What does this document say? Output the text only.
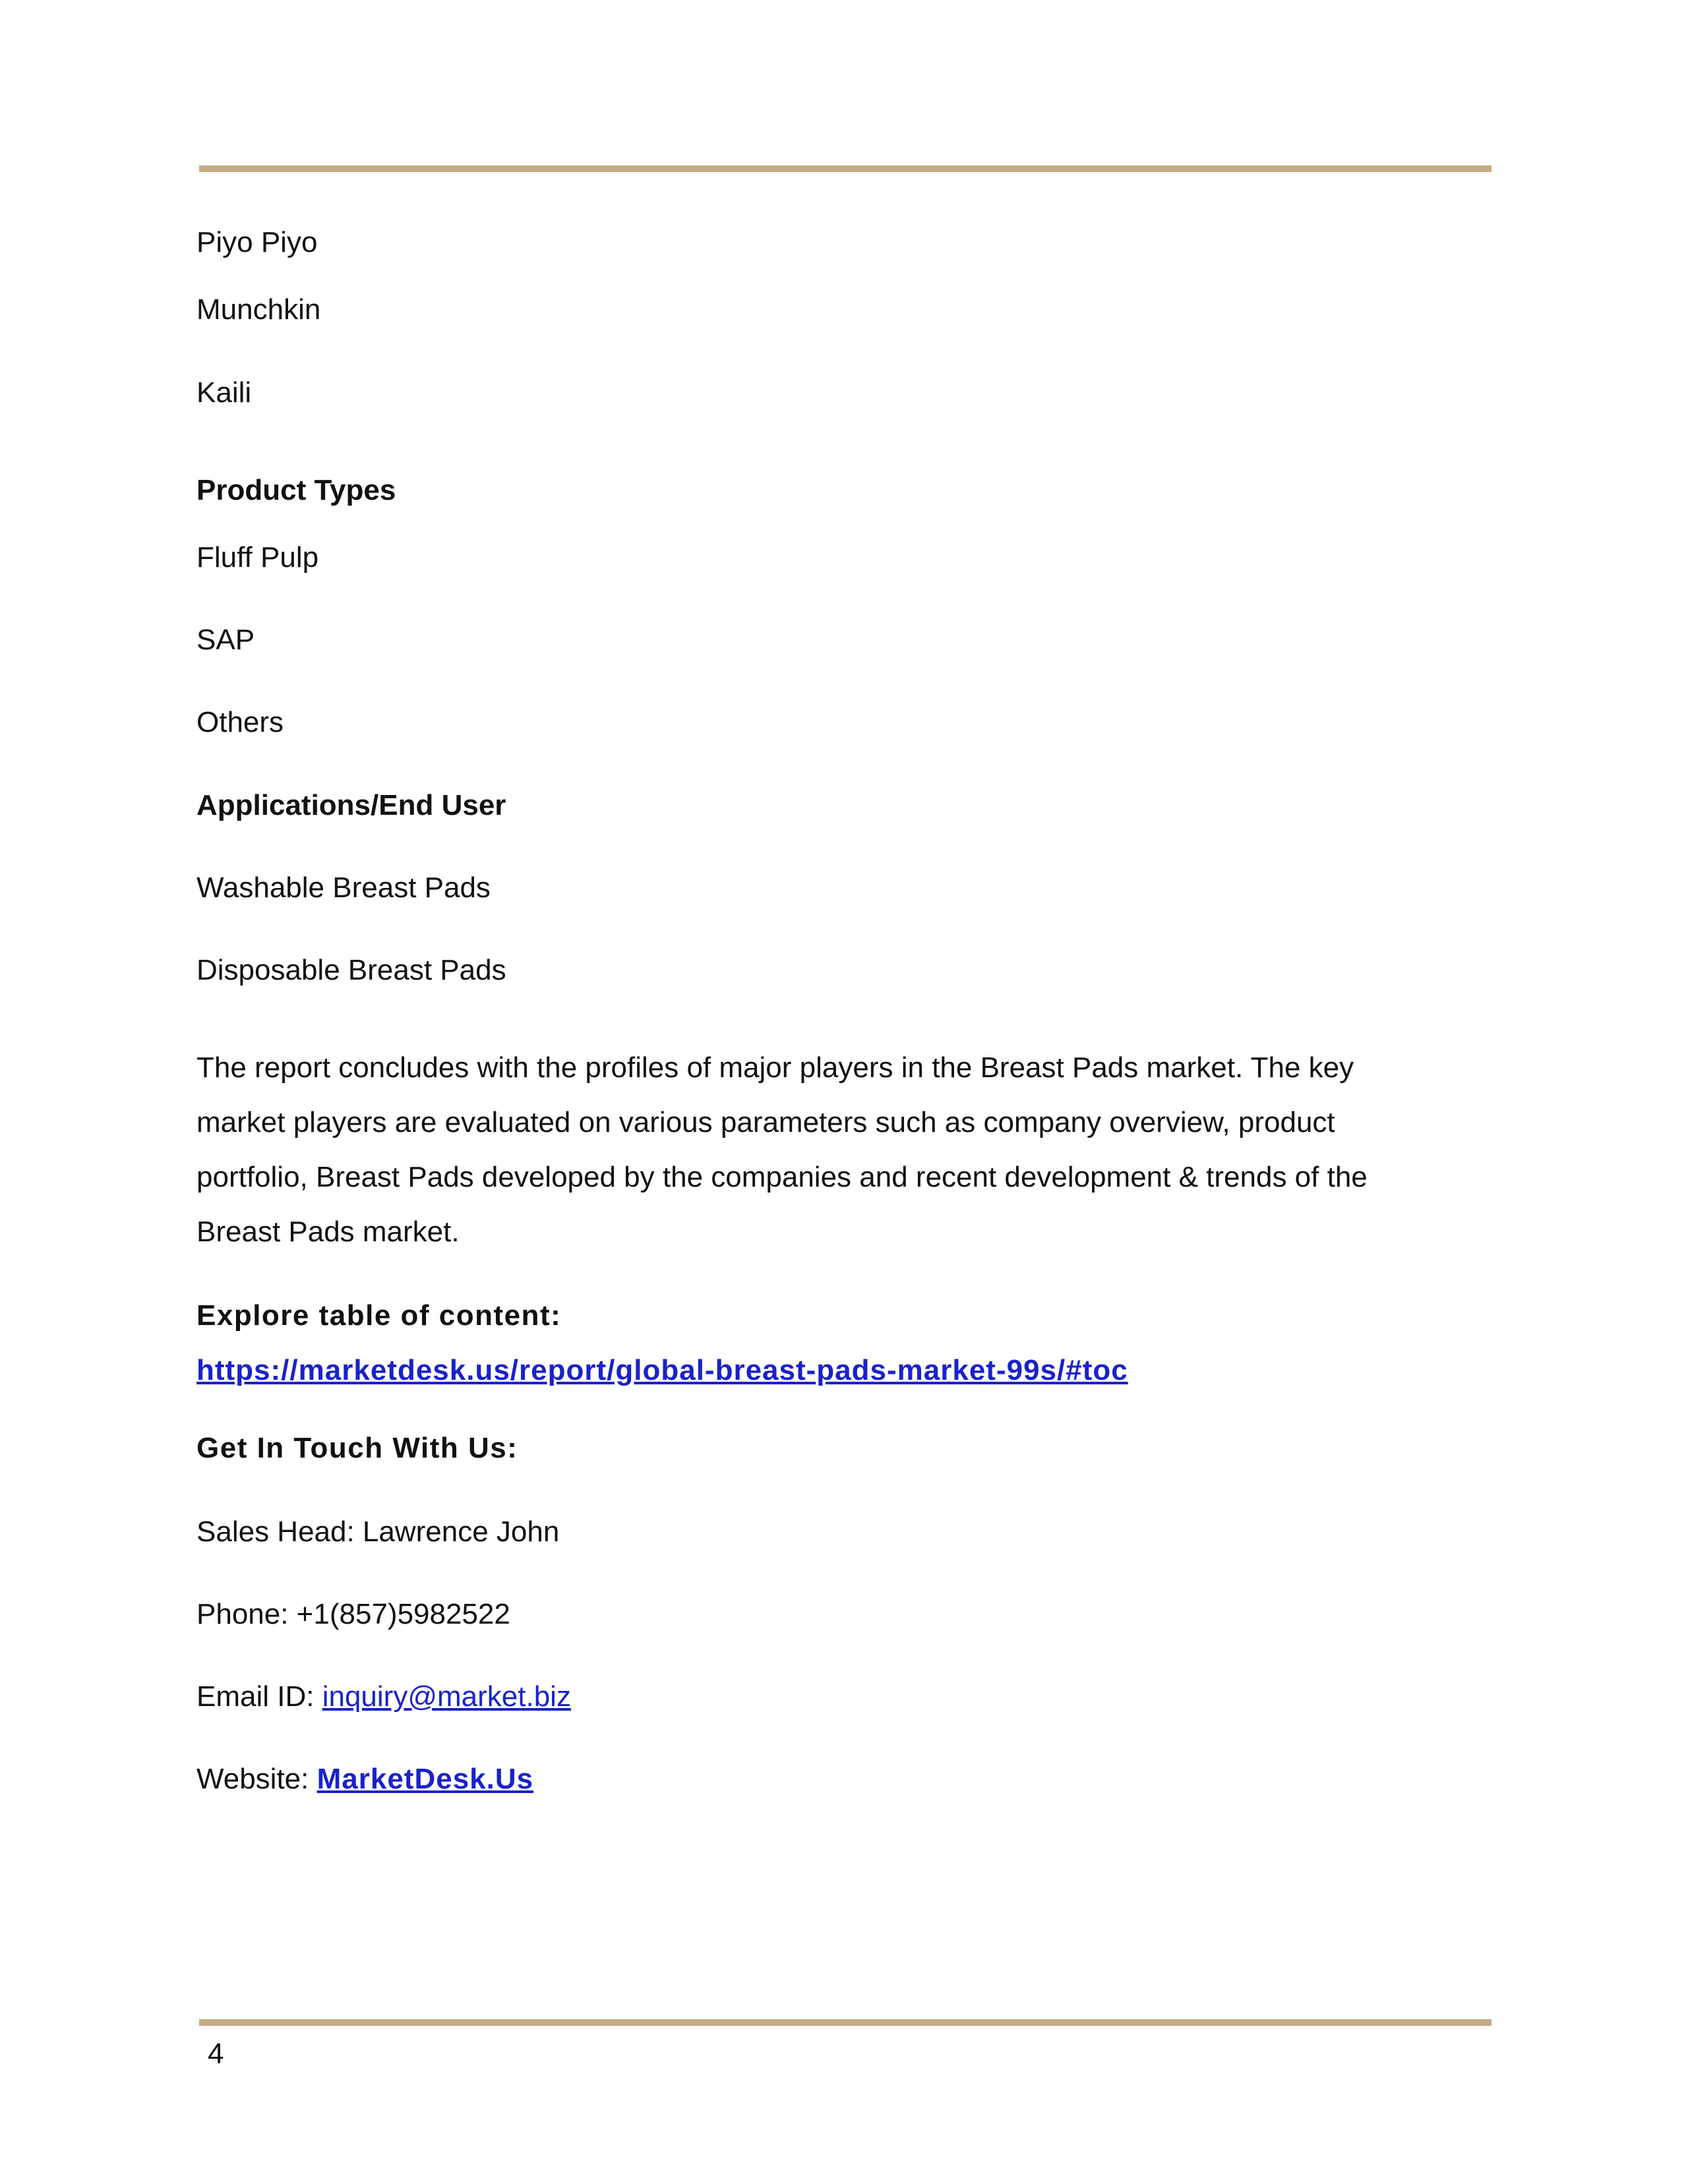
Piyo Piyo
Munchkin
Kaili
Product Types
Fluff Pulp
SAP
Others
Applications/End User
Washable Breast Pads
Disposable Breast Pads

The report concludes with the profiles of major players in the Breast Pads market. The key
market players are evaluated on various parameters such as company overview, product
portfolio, Breast Pads developed by the companies and recent development & trends of the
Breast Pads market.

Explore table of content:
https://marketdesk.us/report/global-breast-pads-market-99s/#toc
Get In Touch With Us:
Sales Head: Lawrence John
Phone: +1(857)5982522
Email ID: inquiry@market.biz
Website: MarketDesk.Us
4
